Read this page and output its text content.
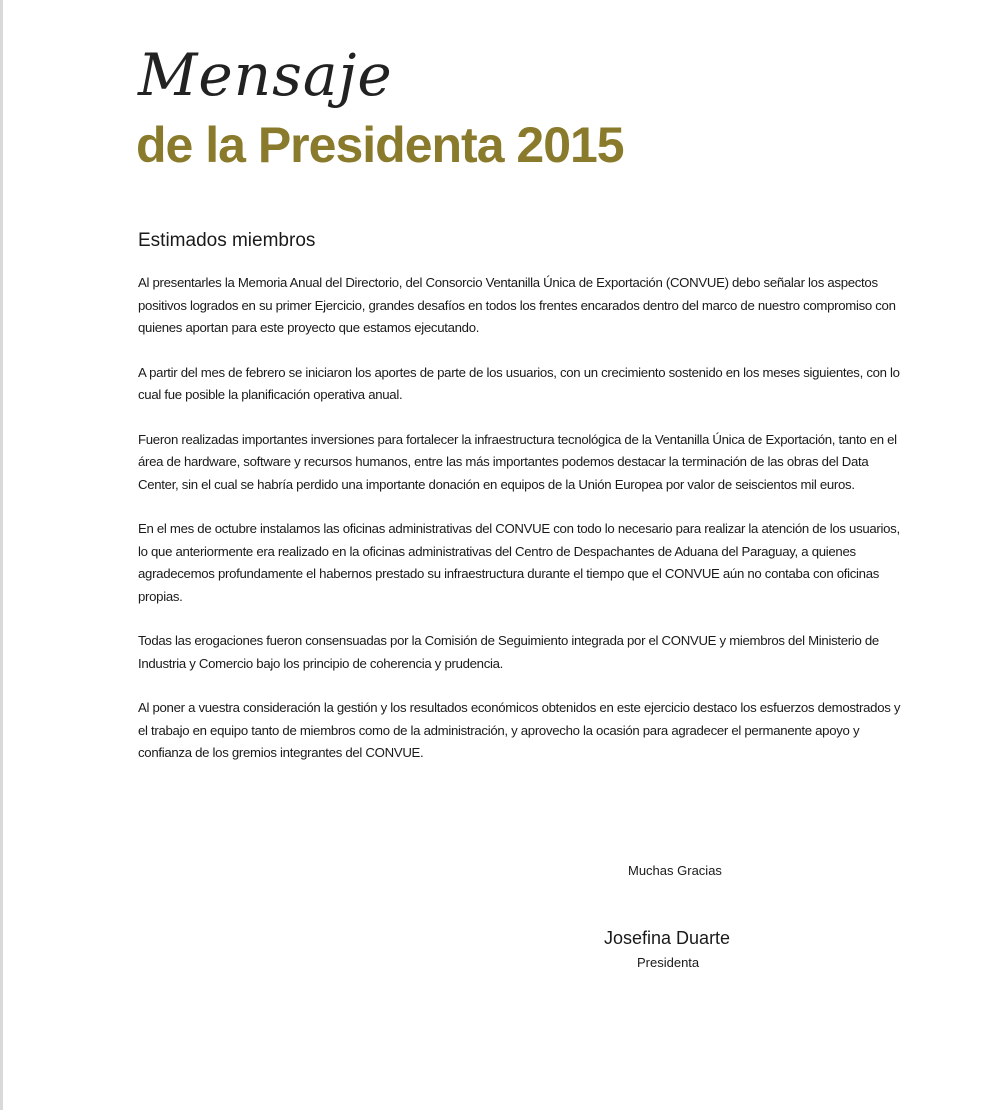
Mensaje
de la Presidenta 2015
Estimados miembros

Al presentarles la Memoria Anual del Directorio, del Consorcio Ventanilla Única de Exportación (CONVUE) debo señalar los aspectos positivos logrados en su primer Ejercicio, grandes desafíos en todos los frentes encarados dentro del marco de nuestro compromiso con quienes aportan para este proyecto que estamos ejecutando.

A partir del mes de febrero se iniciaron los aportes de parte de los usuarios, con un crecimiento sostenido en los meses siguientes, con lo cual fue posible la planificación operativa anual.

Fueron realizadas importantes inversiones para fortalecer la infraestructura tecnológica de la Ventanilla Única de Exportación, tanto en el área de hardware, software y recursos humanos, entre las más importantes podemos destacar la terminación de las obras del Data Center, sin el cual se habría perdido una importante donación en equipos de la Unión Europea por valor de seiscientos mil euros.

En el mes de octubre instalamos las oficinas administrativas del CONVUE con todo lo necesario para realizar la atención de los usuarios, lo que anteriormente era realizado en la oficinas administrativas del Centro de Despachantes de Aduana del Paraguay, a quienes agradecemos profundamente el habernos prestado su infraestructura durante el tiempo que el CONVUE aún no contaba con oficinas propias.

Todas las erogaciones fueron consensuadas por la Comisión de Seguimiento integrada por el CONVUE y miembros del Ministerio de Industria y Comercio bajo los principio de coherencia y prudencia.

Al poner a vuestra consideración la gestión y los resultados económicos obtenidos en este ejercicio destaco los esfuerzos demostrados y el trabajo en equipo tanto de miembros como de la administración, y aprovecho la ocasión para agradecer el permanente apoyo y confianza de los gremios integrantes del CONVUE.

Muchas Gracias
Josefina Duarte
Presidenta
